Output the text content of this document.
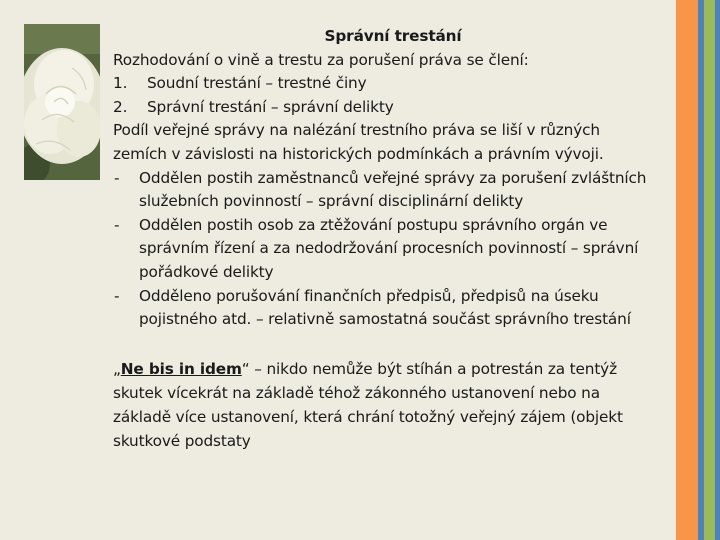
Správní trestání
Rozhodování o vině a trestu za porušení práva se člení:
1.	Soudní trestání – trestné činy
2.	Správní trestání – správní delikty
Podíl veřejné správy na nalézání trestního práva se liší v různých
zemích v závislosti na historických podmínkách a právním vývoji.
-	Oddělen postih zaměstnanců veřejné správy za porušení zvláštních
služebních povinností – správní disciplinární delikty
-	Oddělen postih osob za ztěžování postupu správního orgán ve
správním řízení a za nedodržování procesních povinností – správní
pořádkové delikty
-	Odděleno porušování finančních předpisů, předpisů na úseku
pojistného atd. – relativně samostatná součást správního trestání
„Ne bis in idem“ – nikdo nemůže být stíhán a potrestán za tentýž
skutek vícekrát na základě téhož zákonného ustanovení nebo na
základě více ustanovení, která chrání totožný veřejný zájem (objekt
skutkové podstaty
